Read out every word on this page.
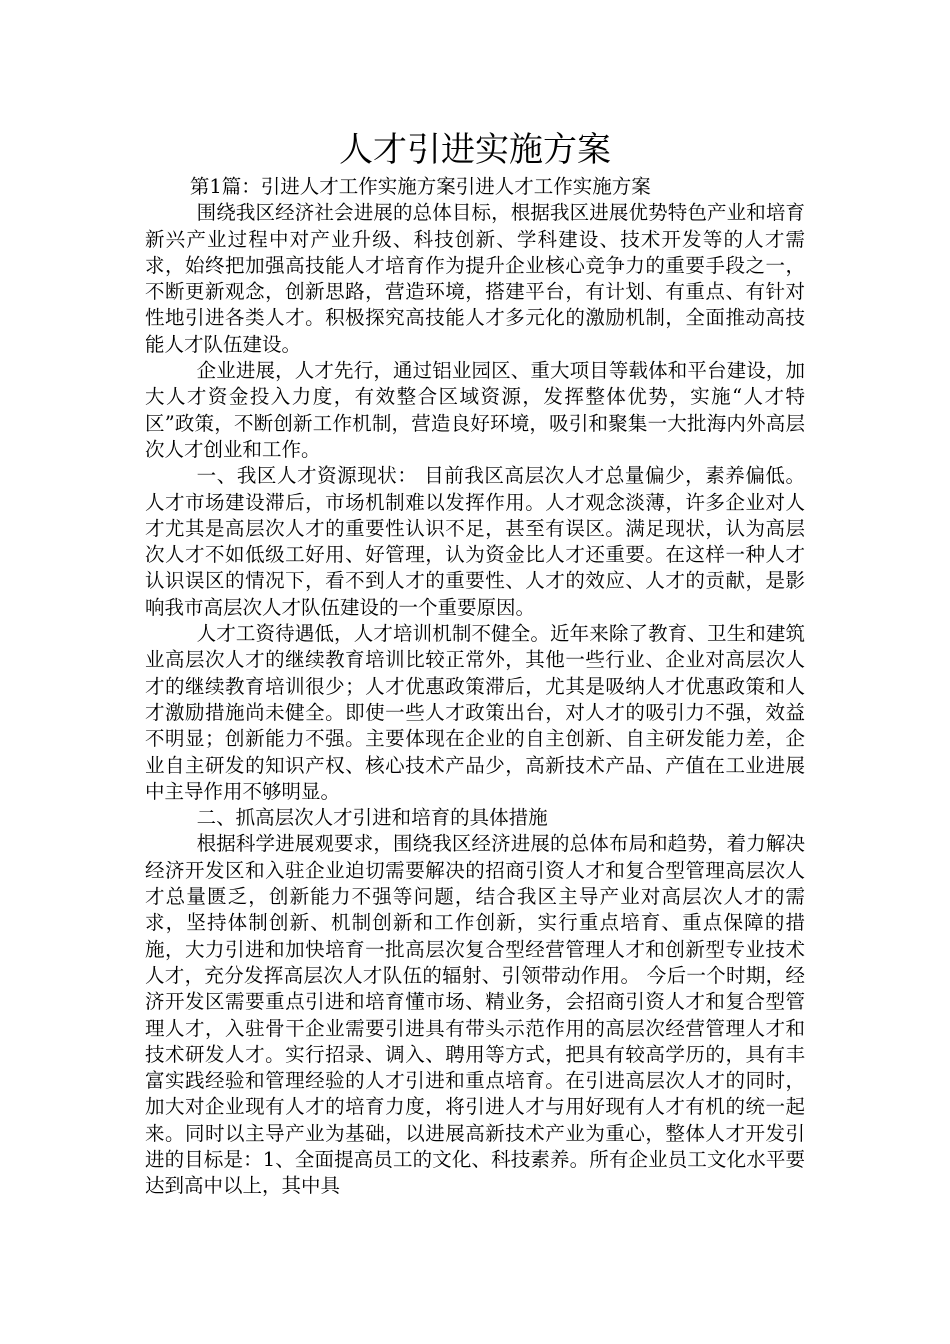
人才引进实施方案

第1篇：引进人才工作实施方案引进人才工作实施方案

围绕我区经济社会进展的总体目标，根据我区进展优势特色产业和培育新兴产业过程中对产业升级、科技创新、学科建设、技术开发等的人才需求，始终把加强高技能人才培育作为提升企业核心竞争力的重要手段之一，不断更新观念，创新思路，营造环境，搭建平台，有计划、有重点、有针对性地引进各类人才。积极探究高技能人才多元化的激励机制，全面推动高技能人才队伍建设。

企业进展，人才先行，通过铝业园区、重大项目等载体和平台建设，加大人才资金投入力度，有效整合区域资源，发挥整体优势，实施“人才特区”政策，不断创新工作机制，营造良好环境，吸引和聚集一大批海内外高层次人才创业和工作。

一、我区人才资源现状： 目前我区高层次人才总量偏少，素养偏低。人才市场建设滞后，市场机制难以发挥作用。人才观念淡薄，许多企业对人才尤其是高层次人才的重要性认识不足，甚至有误区。满足现状，认为高层次人才不如低级工好用、好管理，认为资金比人才还重要。在这样一种人才认识误区的情况下，看不到人才的重要性、人才的效应、人才的贡献，是影响我市高层次人才队伍建设的一个重要原因。

人才工资待遇低，人才培训机制不健全。近年来除了教育、卫生和建筑业高层次人才的继续教育培训比较正常外，其他一些行业、企业对高层次人才的继续教育培训很少；人才优惠政策滞后，尤其是吸纳人才优惠政策和人才激励措施尚未健全。即使一些人才政策出台，对人才的吸引力不强，效益不明显；创新能力不强。主要体现在企业的自主创新、自主研发能力差，企业自主研发的知识产权、核心技术产品少，高新技术产品、产值在工业进展中主导作用不够明显。

二、抓高层次人才引进和培育的具体措施

根据科学进展观要求，围绕我区经济进展的总体布局和趋势，着力解决经济开发区和入驻企业迫切需要解决的招商引资人才和复合型管理高层次人才总量匮乏，创新能力不强等问题，结合我区主导产业对高层次人才的需求，坚持体制创新、机制创新和工作创新，实行重点培育、重点保障的措施，大力引进和加快培育一批高层次复合型经营管理人才和创新型专业技术人才，充分发挥高层次人才队伍的辐射、引领带动作用。 今后一个时期，经济开发区需要重点引进和培育懂市场、精业务，会招商引资人才和复合型管理人才，入驻骨干企业需要引进具有带头示范作用的高层次经营管理人才和技术研发人才。实行招录、调入、聘用等方式，把具有较高学历的，具有丰富实践经验和管理经验的人才引进和重点培育。在引进高层次人才的同时，加大对企业现有人才的培育力度，将引进人才与用好现有人才有机的统一起来。同时以主导产业为基础，以进展高新技术产业为重心，整体人才开发引进的目标是：1、全面提高员工的文化、科技素养。所有企业员工文化水平要达到高中以上，其中具
